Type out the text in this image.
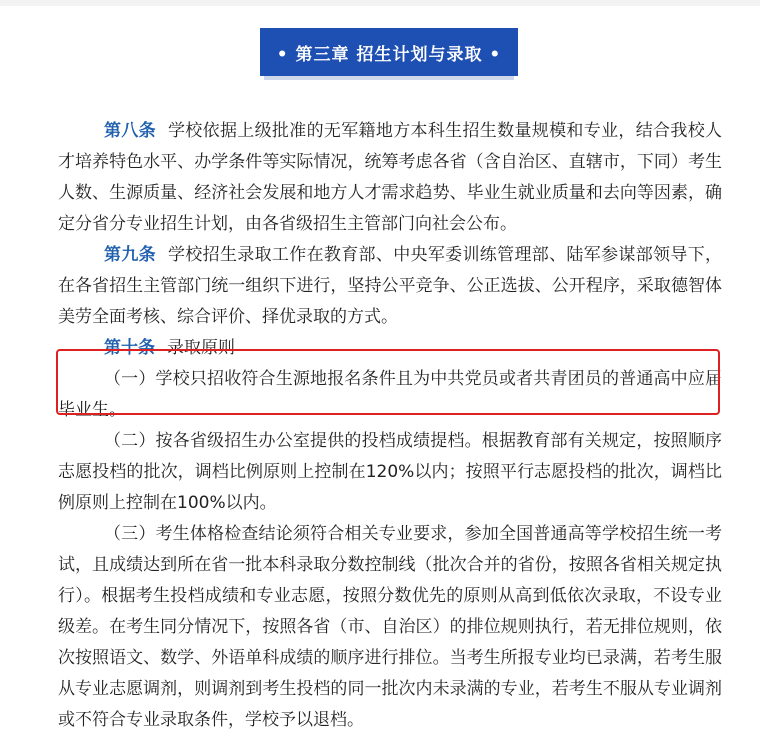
• 第三章 招生计划与录取 •

第八条 学校依据上级批准的无军籍地方本科生招生数量规模和专业，结合我校人才培养特色水平、办学条件等实际情况，统筹考虑各省（含自治区、直辖市，下同）考生人数、生源质量、经济社会发展和地方人才需求趋势、毕业生就业质量和去向等因素，确定分省分专业招生计划，由各省级招生主管部门向社会公布。

第九条 学校招生录取工作在教育部、中央军委训练管理部、陆军参谋部领导下，在各省招生主管部门统一组织下进行，坚持公平竞争、公正选拔、公开程序，采取德智体美劳全面考核、综合评价、择优录取的方式。

第十条 录取原则

（一）学校只招收符合生源地报名条件且为中共党员或者共青团员的普通高中应届毕业生。

（二）按各省级招生办公室提供的投档成绩提档。根据教育部有关规定，按照顺序志愿投档的批次，调档比例原则上控制在120%以内；按照平行志愿投档的批次，调档比例原则上控制在100%以内。

（三）考生体格检查结论须符合相关专业要求，参加全国普通高等学校招生统一考试，且成绩达到所在省一批本科录取分数控制线（批次合并的省份，按照各省相关规定执行）。根据考生投档成绩和专业志愿，按照分数优先的原则从高到低依次录取，不设专业级差。在考生同分情况下，按照各省（市、自治区）的排位规则执行，若无排位规则，依次按照语文、数学、外语单科成绩的顺序进行排位。当考生所报专业均已录满，若考生服从专业志愿调剂，则调剂到考生投档的同一批次内未录满的专业，若考生不服从专业调剂或不符合专业录取条件，学校予以退档。
